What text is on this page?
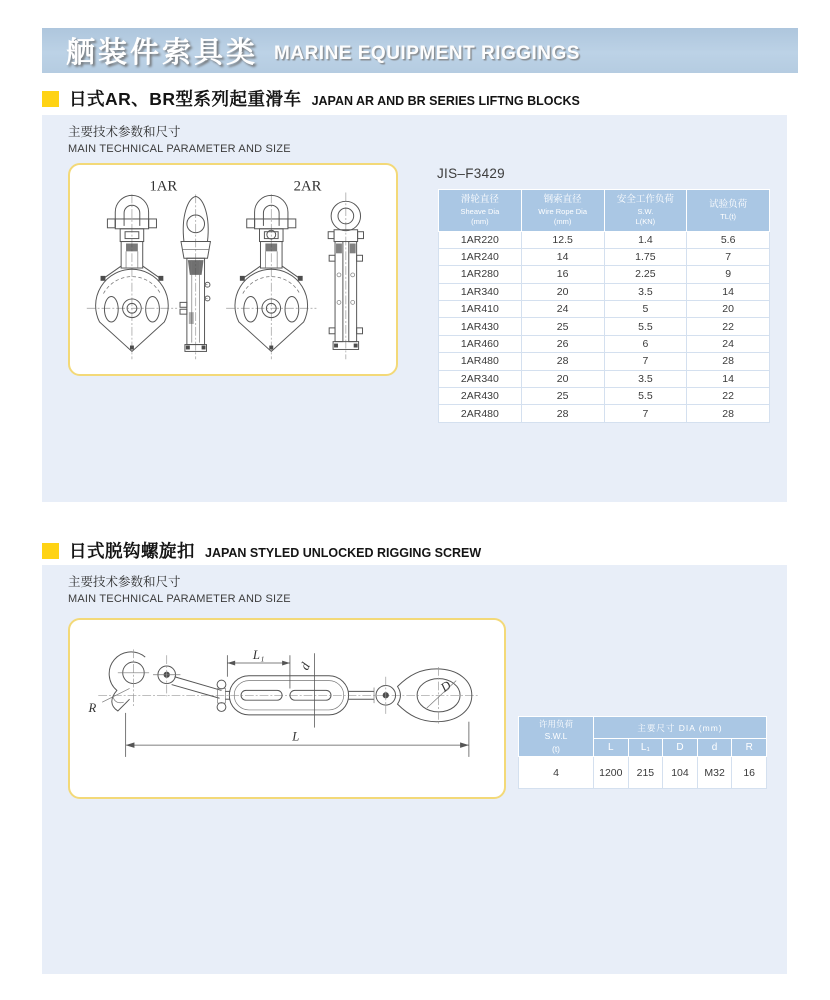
舾装件索具类 MARINE EQUIPMENT RIGGINGS
日式AR、BR型系列起重滑车 JAPAN AR AND BR SERIES LIFTNG BLOCKS
主要技术参数和尺寸
MAIN TECHNICAL PARAMETER AND SIZE
1AR	2AR
JIS–F3429
滑轮直径
Sheave Dia
(mm)	钢索直径
Wire Rope Dia
(mm)	安全工作负荷
S.W.
L(KN)	试验负荷
TL(t)

1AR220	12.5	1.4	5.6
1AR240	14	1.75	7
1AR280	16	2.25	9
1AR340	20	3.5	14
1AR410	24	5	20
1AR430	25	5.5	22
1AR460	26	6	24
1AR480	28	7	28
2AR340	20	3.5	14
2AR430	25	5.5	22
2AR480	28	7	28
日式脱钩螺旋扣 JAPAN STYLED UNLOCKED RIGGING SCREW
主要技术参数和尺寸
MAIN TECHNICAL PARAMETER AND SIZE
L₁
d
L
R
D
许用负荷
S.W.L
(t)	主要尺寸 DIA (mm)				
	L	L₁	D	d	R
4	1200	215	104	M32	16
